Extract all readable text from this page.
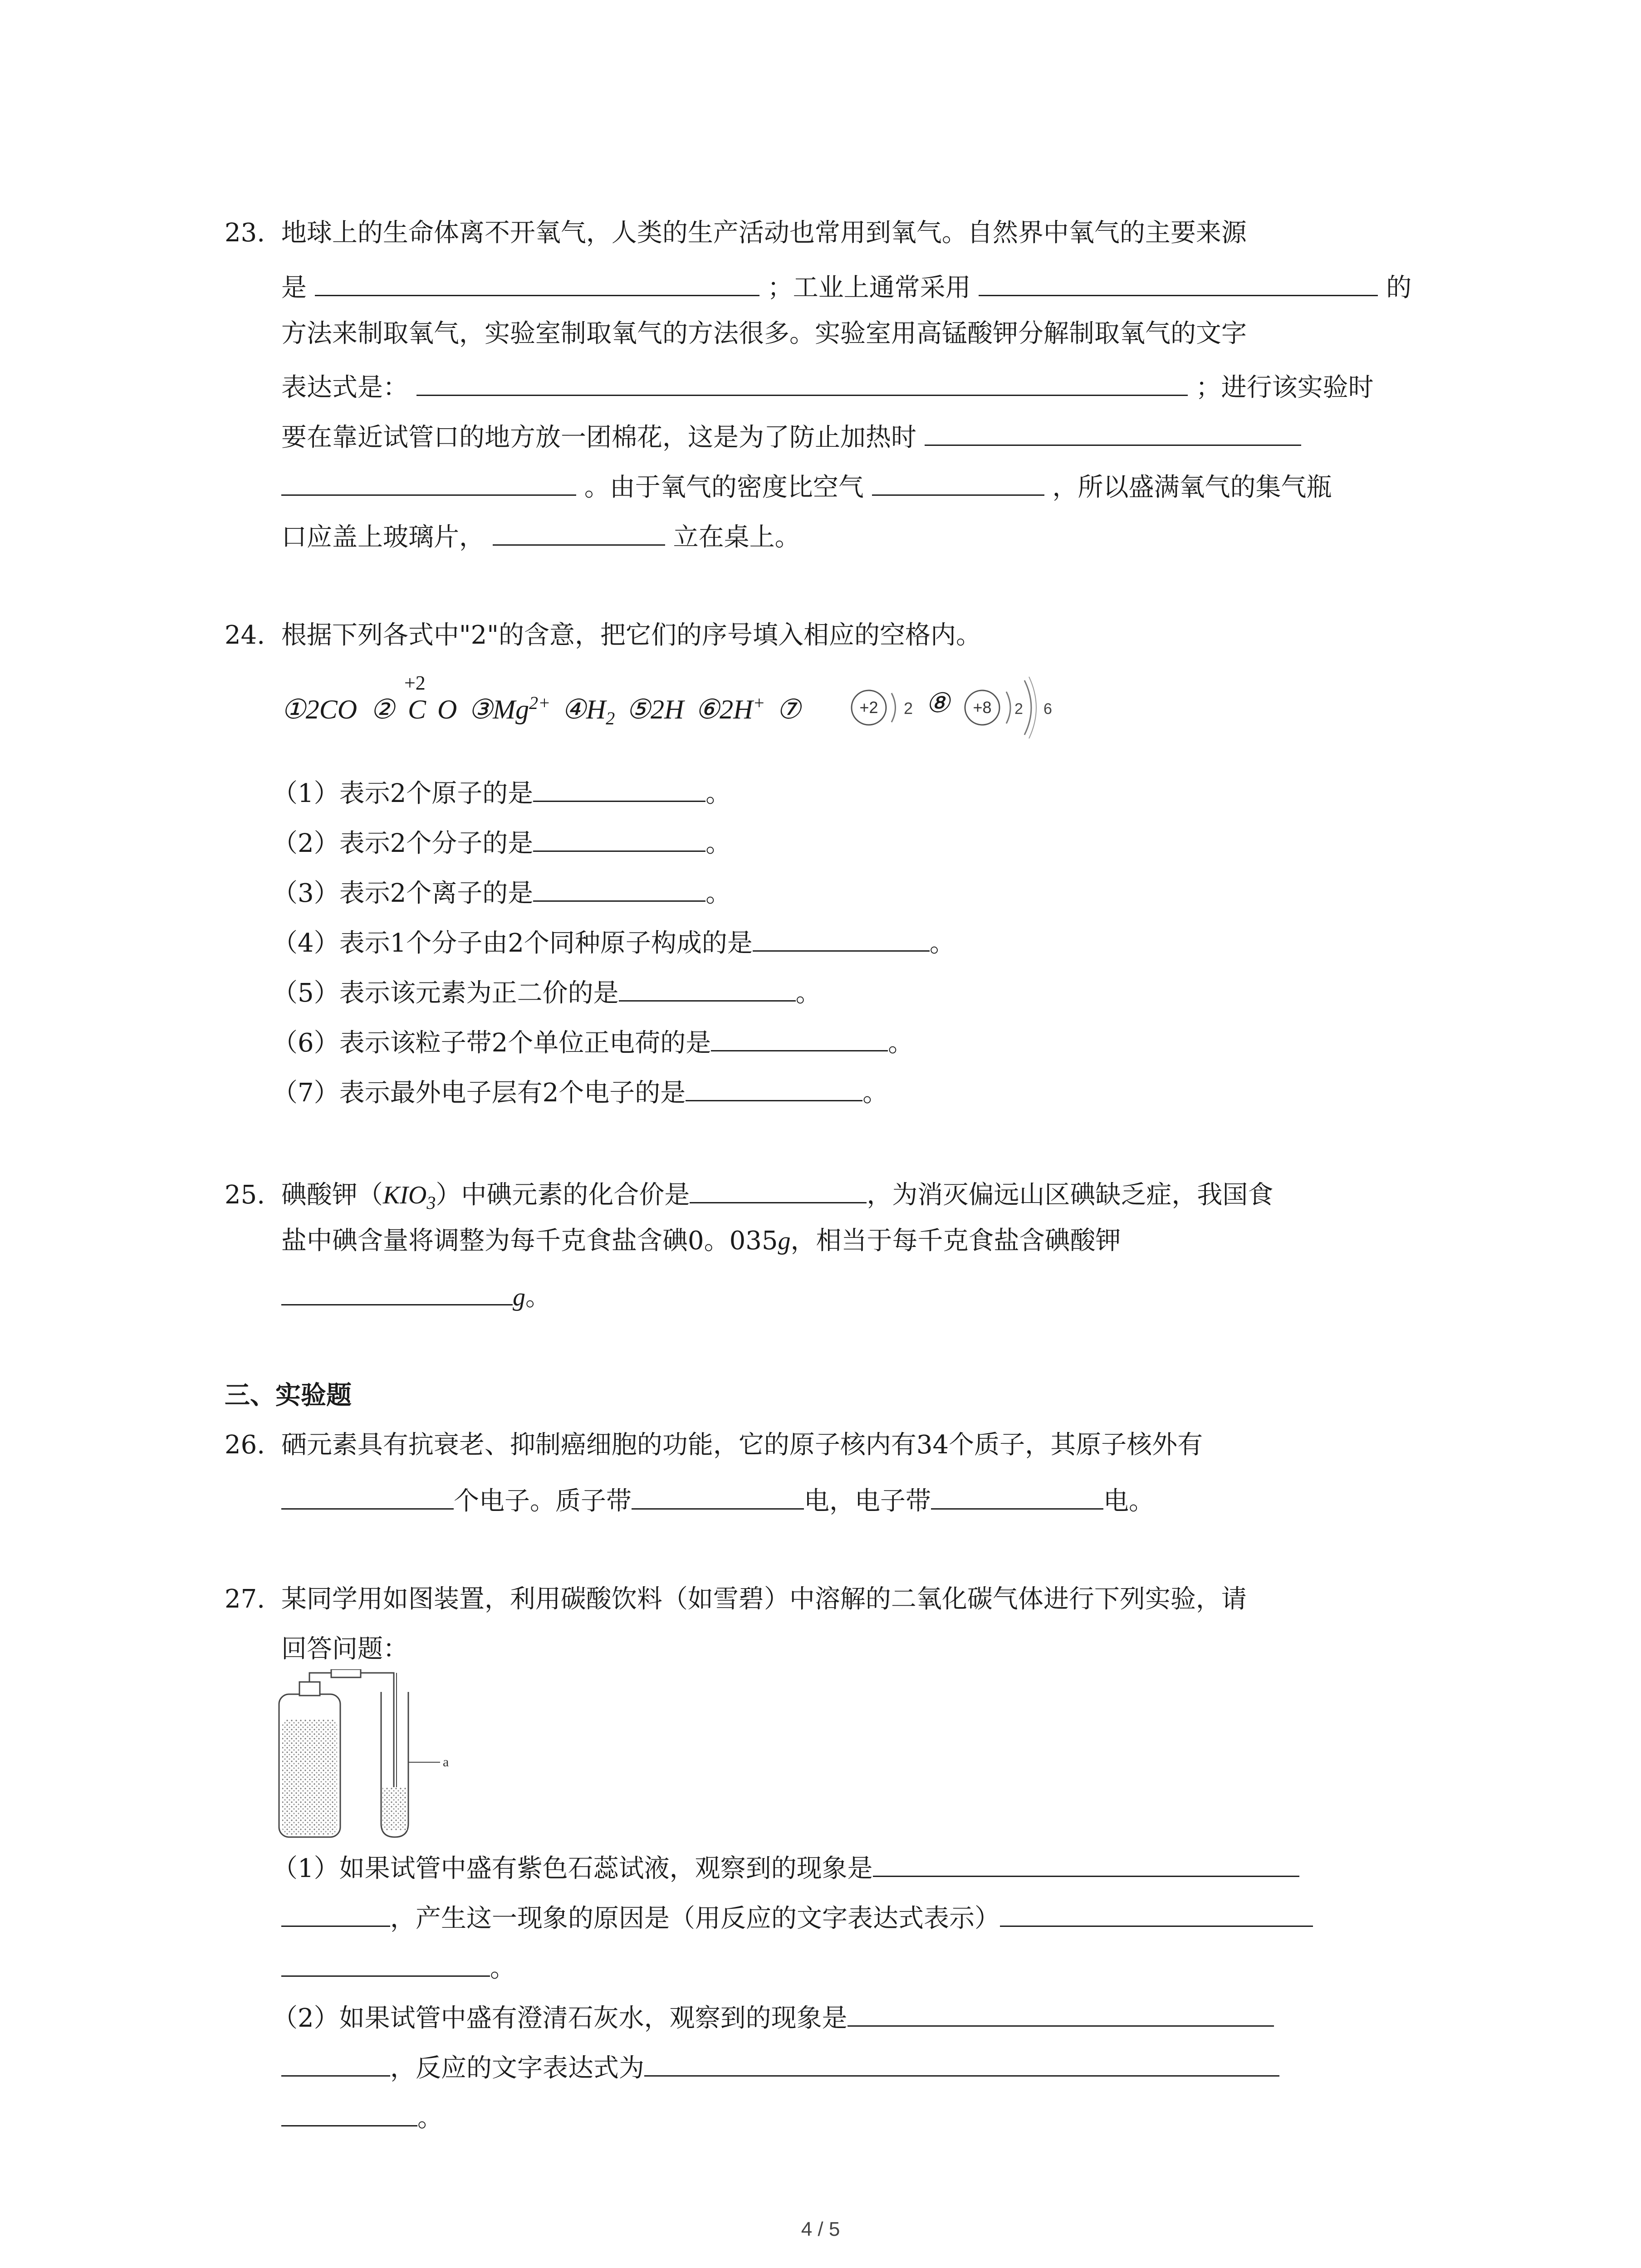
23. 地球上的生命体离不开氧气，人类的生产活动也常用到氧气。自然界中氧气的主要来源
是	；工业上通常采用	的
方法来制取氧气，实验室制取氧气的方法很多。实验室用高锰酸钾分解制取氧气的文字
表达式是：	；进行该实验时
要在靠近试管口的地方放一团棉花，这是为了防止加热时
。由于氧气的密度比空气	，所以盛满氧气的集气瓶
口应盖上玻璃片，	立在桌上。
24. 根据下列各式中"2"的含意，把它们的序号填入相应的空格内。
①2CO ②
+2
C O $③Mg^{2+}$ $④H_2$ ⑤2H ⑥2H+ ⑦	+2 2 ⑧ +8 2 6
（1）表示2个原子的是	。
（2）表示2个分子的是	。
（3）表示2个离子的是	。
（4）表示1个分子由2个同种原子构成的是	。
（5）表示该元素为正二价的是	。
（6）表示该粒子带2个单位正电荷的是	。
（7）表示最外电子层有2个电子的是	。
25. 碘酸钾$(KIO_3)$中碘元素的化合价是	，为消灭偏远山区碘缺乏症，我国食
盐中碘含量将调整为每千克食盐含碘0。035g，相当于每千克食盐含碘酸钾
g。
三、实验题
26. 硒元素具有抗衰老、抑制癌细胞的功能，它的原子核内有34个质子，其原子核外有
个电子。质子带	电，电子带	电。
27. 某同学用如图装置，利用碳酸饮料（如雪碧）中溶解的二氧化碳气体进行下列实验，请
回答问题：
a
（1）如果试管中盛有紫色石蕊试液，观察到的现象是
，产生这一现象的原因是（用反应的文字表达式表示）
。
（2）如果试管中盛有澄清石灰水，观察到的现象是
，反应的文字表达式为
。
4 / 5
